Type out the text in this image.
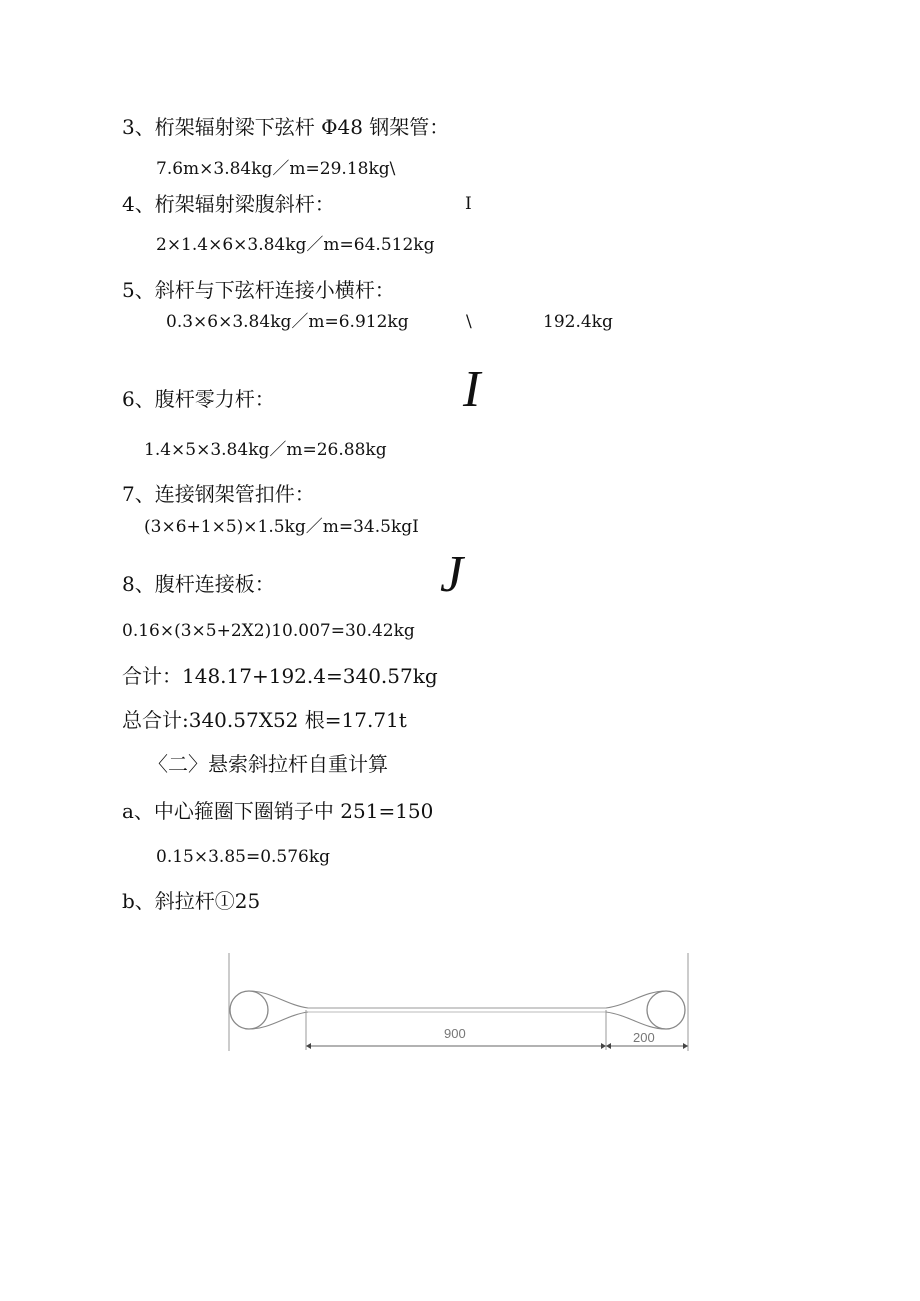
3、桁架辐射梁下弦杆 Φ48 钢架管：
7.6m×3.84kg／m=29.18kg\
4、桁架辐射梁腹斜杆：	I
2×1.4×6×3.84kg／m=64.512kg
5、斜杆与下弦杆连接小横杆：
0.3×6×3.84kg／m=6.912kg	\	192.4kg
6、腹杆零力杆：	I
1.4×5×3.84kg／m=26.88kg
7、连接钢架管扣件：
(3×6+1×5)×1.5kg／m=34.5kgI
8、腹杆连接板：	J
0.16×(3×5+2X2)10.007=30.42kg
合计：148.17+192.4=340.57kg
总合计:340.57X52 根=17.71t
〈二〉悬索斜拉杆自重计算
a、中心箍圈下圈销子中 251=150
0.15×3.85=0.576kg
b、斜拉杆①25
900	200
